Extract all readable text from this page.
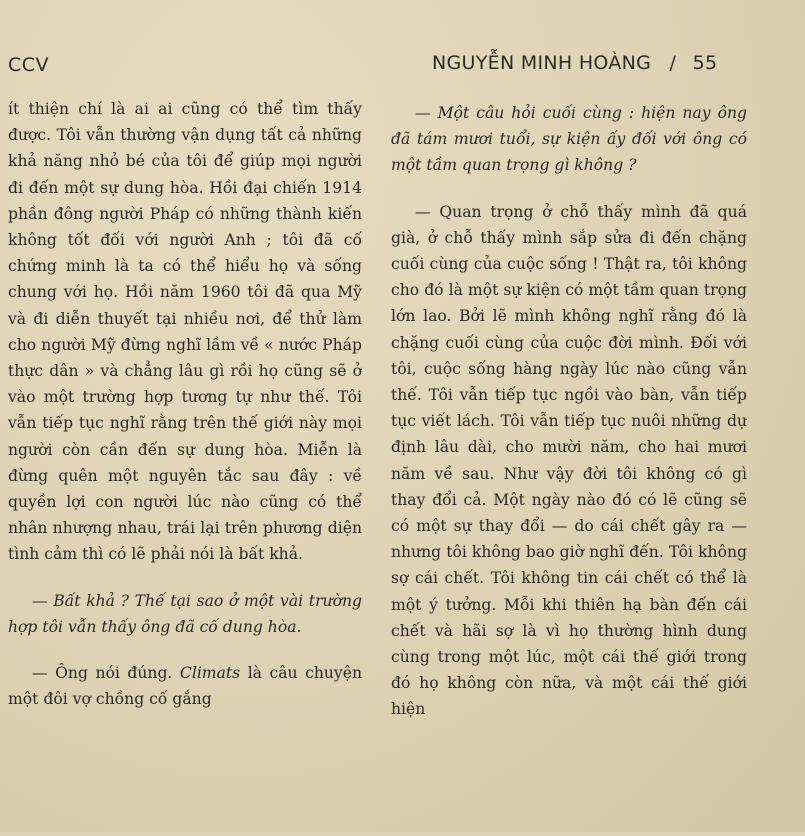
CCV	NGUYỄN MINH HOÀNG / 55

ít thiện chí là ai ai cũng có thể tìm thấy được. Tôi vẫn thường vận dụng tất cả những khả năng nhỏ bé của tôi để giúp mọi người đi đến một sự dung hòa. Hồi đại chiến 1914 phần đông người Pháp có những thành kiến không tốt đối với người Anh ; tôi đã cố chứng minh là ta có thể hiểu họ và sống chung với họ. Hồi năm 1960 tôi đã qua Mỹ và đi diễn thuyết tại nhiều nơi, để thử làm cho người Mỹ đừng nghĩ lầm về « nước Pháp thực dân » và chẳng lâu gì rồi họ cũng sẽ ở vào một trường hợp tương tự như thế. Tôi vẫn tiếp tục nghĩ rằng trên thế giới này mọi người còn cần đến sự dung hòa. Miễn là đừng quên một nguyên tắc sau đây : về quyền lợi con người lúc nào cũng có thể nhân nhượng nhau, trái lại trên phương diện tình cảm thì có lẽ phải nói là bất khả.

— Bất khả ? Thế tại sao ở một vài trường hợp tôi vẫn thấy ông đã cố dung hòa.

— Ông nói đúng. Climats là câu chuyện một đôi vợ chồng cố gắng

— Một câu hỏi cuối cùng : hiện nay ông đã tám mươi tuổi, sự kiện ấy đối với ông có một tầm quan trọng gì không ?

— Quan trọng ở chỗ thấy mình đã quá già, ở chỗ thấy mình sắp sửa đi đến chặng cuối cùng của cuộc sống ! Thật ra, tôi không cho đó là một sự kiện có một tầm quan trọng lớn lao. Bởi lẽ mình không nghĩ rằng đó là chặng cuối cùng của cuộc đời mình. Đối với tôi, cuộc sống hàng ngày lúc nào cũng vẫn thế. Tôi vẫn tiếp tục ngồi vào bàn, vẫn tiếp tục viết lách. Tôi vẫn tiếp tục nuôi những dự định lâu dài, cho mười năm, cho hai mươi năm về sau. Như vậy đời tôi không có gì thay đổi cả. Một ngày nào đó có lẽ cũng sẽ có một sự thay đổi — do cái chết gây ra — nhưng tôi không bao giờ nghĩ đến. Tôi không sợ cái chết. Tôi không tin cái chết có thể là một ý tưởng. Mỗi khi thiên hạ bàn đến cái chết và hãi sợ là vì họ thường hình dung cùng trong một lúc, một cái thế giới trong đó họ không còn nữa, và một cái thế giới hiện
